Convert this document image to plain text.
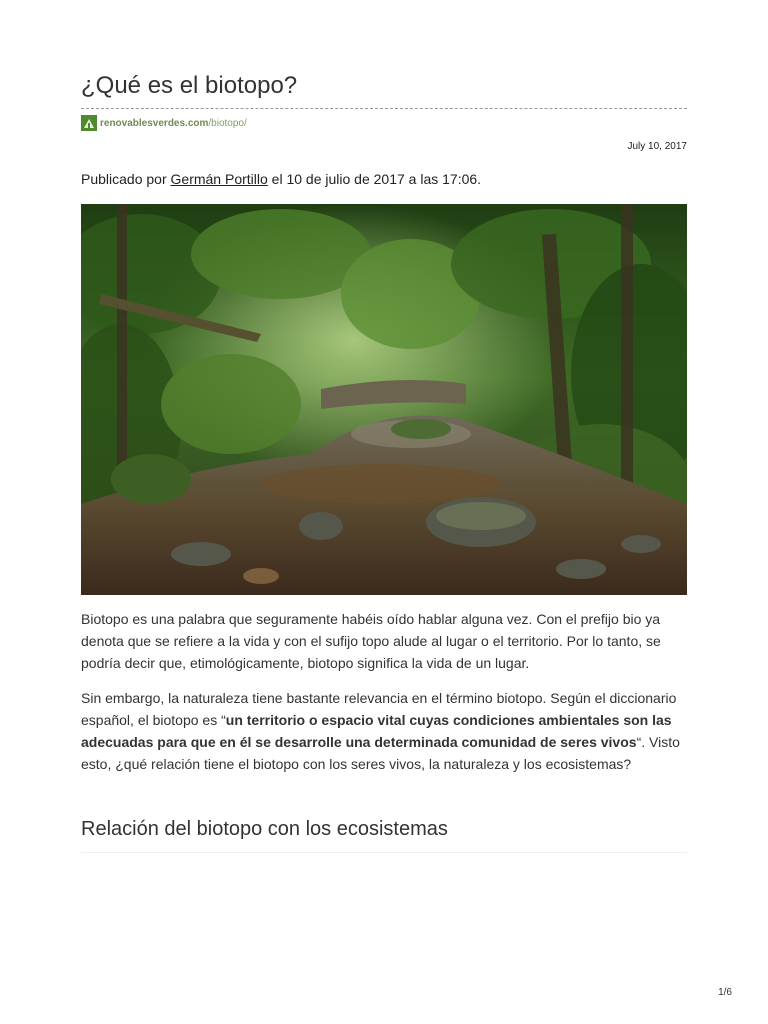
¿Qué es el biotopo?
renovablesverdes.com /biotopo/
July 10, 2017
Publicado por Germán Portillo el 10 de julio de 2017 a las 17:06.

Biotopo es una palabra que seguramente habéis oído hablar alguna vez. Con el prefijo bio ya denota que se refiere a la vida y con el sufijo topo alude al lugar o el territorio. Por lo tanto, se podría decir que, etimológicamente, biotopo significa la vida de un lugar.

Sin embargo, la naturaleza tiene bastante relevancia en el término biotopo. Según el diccionario español, el biotopo es “un territorio o espacio vital cuyas condiciones ambientales son las adecuadas para que en él se desarrolle una determinada comunidad de seres vivos“. Visto esto, ¿qué relación tiene el biotopo con los seres vivos, la naturaleza y los ecosistemas?

Relación del biotopo con los ecosistemas
1/6
